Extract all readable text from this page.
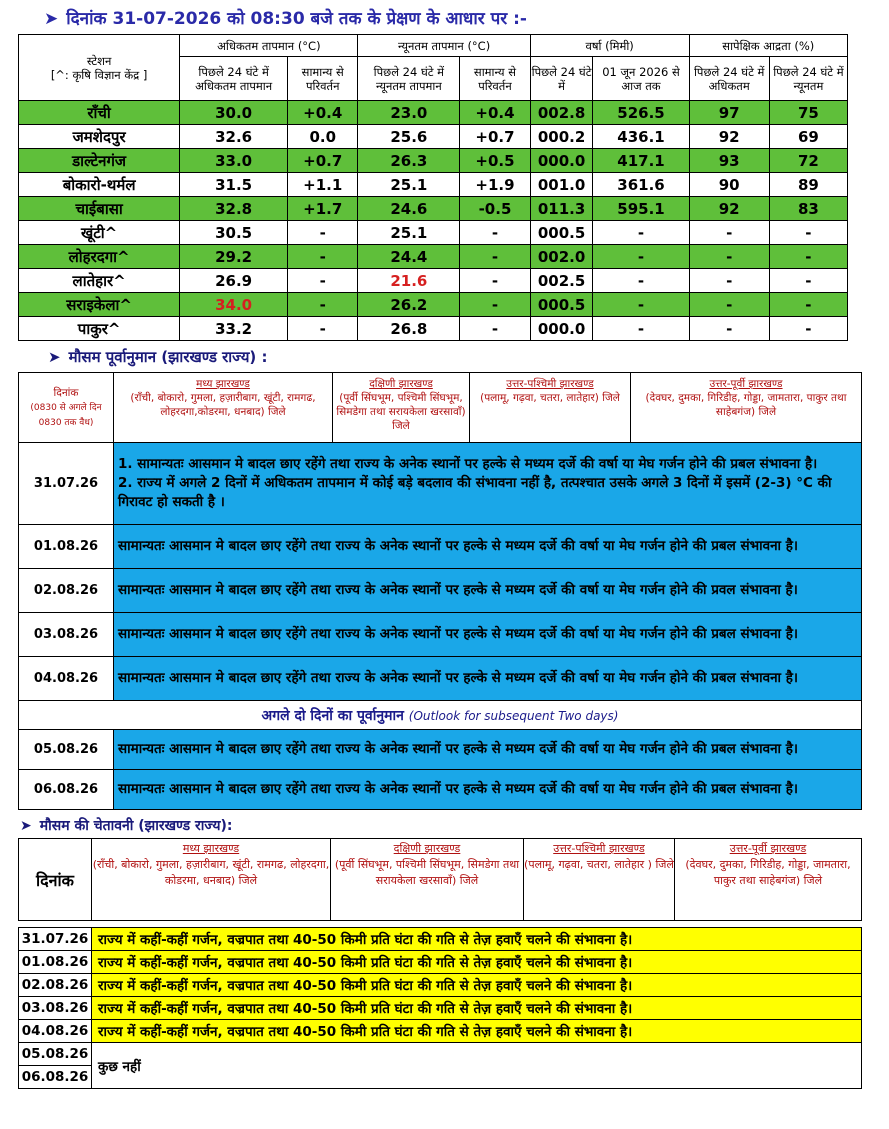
➤ दिनांक 31-07-2026 को 08:30 बजे तक के प्रेक्षण के आधार पर :-
स्टेशन
[^: कृषि विज्ञान केंद्र ]	अधिकतम तापमान (°C)		न्यूनतम तापमान (°C)		वर्षा (मिमी)		सापेक्षिक आद्रता (%)	
	पिछले 24 घंटे में अधिकतम तापमान	सामान्य से परिवर्तन	पिछले 24 घंटे में न्यूनतम तापमान	सामान्य से परिवर्तन	पिछले 24 घंटे में	01 जून 2026 से आज तक	पिछले 24 घंटे में अधिकतम	पिछले 24 घंटे में न्यूनतम
राँची	30.0	+0.4	23.0	+0.4	002.8	526.5	97	75
जमशेदपुर	32.6	0.0	25.6	+0.7	000.2	436.1	92	69
डाल्टेनगंज	33.0	+0.7	26.3	+0.5	000.0	417.1	93	72
बोकारो-थर्मल	31.5	+1.1	25.1	+1.9	001.0	361.6	90	89
चाईबासा	32.8	+1.7	24.6	-0.5	011.3	595.1	92	83
खूंटी^	30.5	-	25.1	-	000.5	-	-	-
लोहरदगा^	29.2	-	24.4	-	002.0	-	-	-
लातेहार^	26.9	-	21.6	-	002.5	-	-	-
सराइकेला^	34.0	-	26.2	-	000.5	-	-	-
पाकुर^	33.2	-	26.8	-	000.0	-	-	-
➤ मौसम पूर्वानुमान (झारखण्ड राज्य) :
दिनांक
(0830 से अगले दिन
0830 तक वैध)	मध्य झारखण्ड
(राँची, बोकारो, गुमला, हज़ारीबाग, खूंटी, रामगढ, लोहरदगा,कोडरमा, धनबाद) जिले	दक्षिणी झारखण्ड
(पूर्वी सिंघभूम, पश्चिमी सिंघभूम, सिमडेगा तथा सरायकेला खरसावाँ) जिले	उत्तर-पश्चिमी झारखण्ड
(पलामू, गढ़वा, चतरा, लातेहार) जिले	उत्तर-पूर्वी झारखण्ड
(देवघर, दुमका, गिरिडीह, गोड्डा, जामतारा, पाकुर तथा साहेबगंज) जिले
31.07.26	1. सामान्यतः आसमान मे बादल छाए रहेंगे तथा राज्य के अनेक स्थानों पर हल्के से मध्यम दर्जे की वर्षा या मेघ गर्जन होने की प्रबल संभावना है।
2. राज्य में अगले 2 दिनों में अधिकतम तापमान में कोई बड़े बदलाव की संभावना नहीं है, तत्पश्चात उसके अगले 3 दिनों में इसमें (2-3) °C की गिरावट हो सकती है ।			

01.08.26	सामान्यतः आसमान मे बादल छाए रहेंगे तथा राज्य के अनेक स्थानों पर हल्के से मध्यम दर्जे की वर्षा या मेघ गर्जन होने की प्रबल संभावना है।			
02.08.26	सामान्यतः आसमान मे बादल छाए रहेंगे तथा राज्य के अनेक स्थानों पर हल्के से मध्यम दर्जे की वर्षा या मेघ गर्जन होने की प्रवल संभावना है।			
03.08.26	सामान्यतः आसमान मे बादल छाए रहेंगे तथा राज्य के अनेक स्थानों पर हल्के से मध्यम दर्जे की वर्षा या मेघ गर्जन होने की प्रबल संभावना है।			
04.08.26	सामान्यतः आसमान मे बादल छाए रहेंगे तथा राज्य के अनेक स्थानों पर हल्के से मध्यम दर्जे की वर्षा या मेघ गर्जन होने की प्रबल संभावना है।			
अगले दो दिनों का पूर्वानुमान (Outlook for subsequent Two days)				
05.08.26	सामान्यतः आसमान मे बादल छाए रहेंगे तथा राज्य के अनेक स्थानों पर हल्के से मध्यम दर्जे की वर्षा या मेघ गर्जन होने की प्रबल संभावना है।			
06.08.26	सामान्यतः आसमान मे बादल छाए रहेंगे तथा राज्य के अनेक स्थानों पर हल्के से मध्यम दर्जे की वर्षा या मेघ गर्जन होने की प्रबल संभावना है।			
➤ मौसम की चेतावनी (झारखण्ड राज्य):
दिनांक	मध्य झारखण्ड
(राँची, बोकारो, गुमला, हज़ारीबाग, खूंटी, रामगढ, लोहरदगा, कोडरमा, धनबाद) जिले	दक्षिणी झारखण्ड
(पूर्वी सिंघभूम, पश्चिमी सिंघभूम, सिमडेगा तथा सरायकेला खरसावाँ) जिले	उत्तर-पश्चिमी झारखण्ड
(पलामू, गढ़वा, चतरा, लातेहार ) जिले	उत्तर-पूर्वी झारखण्ड
(देवघर, दुमका, गिरिडीह, गोड्डा, जामतारा, पाकुर तथा साहेबगंज) जिले

31.07.26	राज्य में कहीं-कहीं गर्जन, वज्रपात तथा 40-50 किमी प्रति घंटा की गति से तेज़ हवाएँ चलने की संभावना है।			
01.08.26	राज्य में कहीं-कहीं गर्जन, वज्रपात तथा 40-50 किमी प्रति घंटा की गति से तेज़ हवाएँ चलने की संभावना है।			
02.08.26	राज्य में कहीं-कहीं गर्जन, वज्रपात तथा 40-50 किमी प्रति घंटा की गति से तेज़ हवाएँ चलने की संभावना है।			
03.08.26	राज्य में कहीं-कहीं गर्जन, वज्रपात तथा 40-50 किमी प्रति घंटा की गति से तेज़ हवाएँ चलने की संभावना है।			
04.08.26	राज्य में कहीं-कहीं गर्जन, वज्रपात तथा 40-50 किमी प्रति घंटा की गति से तेज़ हवाएँ चलने की संभावना है।			
05.08.26	कुछ नहीं			
06.08.26				
